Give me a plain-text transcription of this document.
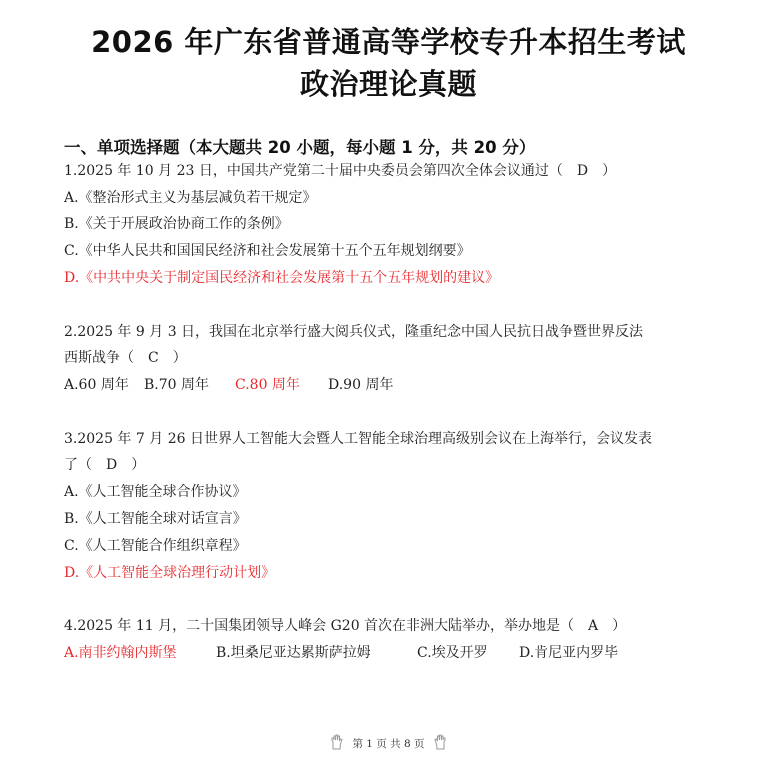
2026 年广东省普通高等学校专升本招生考试
政治理论真题
一、单项选择题（本大题共 20 小题，每小题 1 分，共 20 分）
1.2025 年 10 月 23 日，中国共产党第二十届中央委员会第四次全体会议通过（　D　）
A.《整治形式主义为基层减负若干规定》
B.《关于开展政治协商工作的条例》
C.《中华人民共和国国民经济和社会发展第十五个五年规划纲要》
D.《中共中央关于制定国民经济和社会发展第十五个五年规划的建议》
2.2025 年 9 月 3 日，我国在北京举行盛大阅兵仪式，隆重纪念中国人民抗日战争暨世界反法
西斯战争（　C　）
A.60 周年 B.70 周年 C.80 周年 D.90 周年
3.2025 年 7 月 26 日世界人工智能大会暨人工智能全球治理高级别会议在上海举行，会议发表
了（　D　）
A.《人工智能全球合作协议》
B.《人工智能全球对话宣言》
C.《人工智能合作组织章程》
D.《人工智能全球治理行动计划》
4.2025 年 11 月，二十国集团领导人峰会 G20 首次在非洲大陆举办，举办地是（　A　）
A.南非约翰内斯堡	B.坦桑尼亚达累斯萨拉姆	C.埃及开罗 D.肯尼亚内罗毕
第 1 页 共 8 页
